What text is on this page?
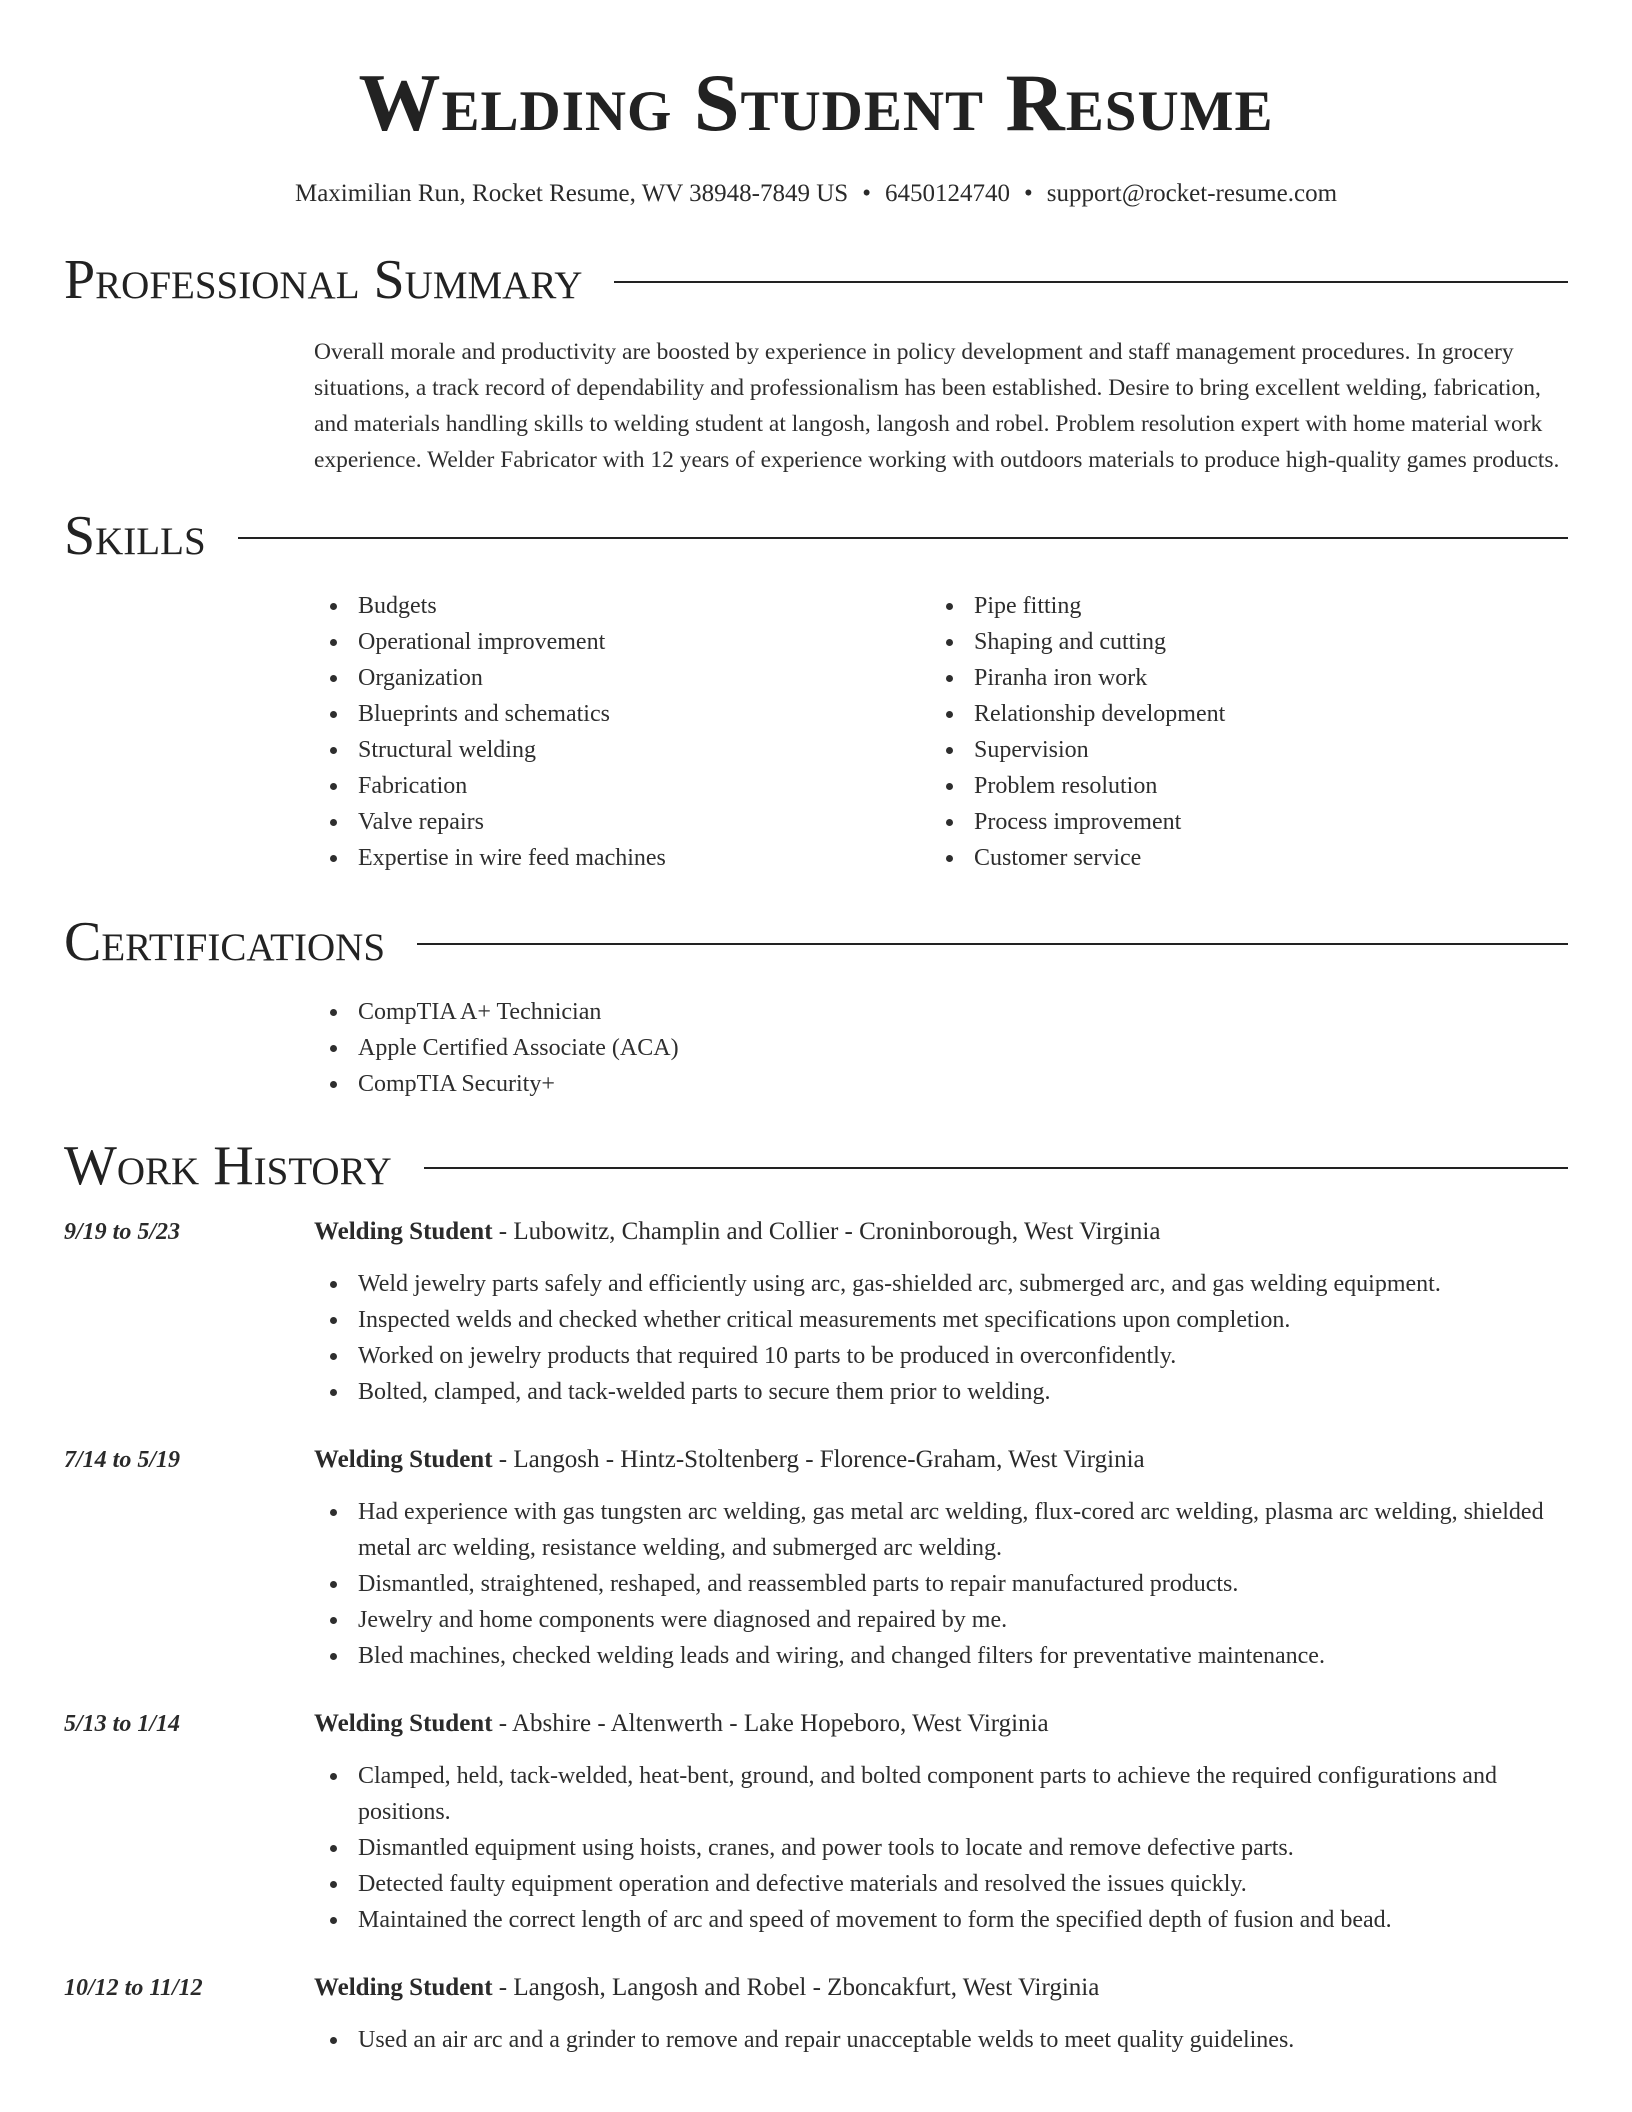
Welding Student Resume
Maximilian Run, Rocket Resume, WV 38948-7849 US • 6450124740 • support@rocket-resume.com
Professional Summary

Overall morale and productivity are boosted by experience in policy development and staff management procedures. In grocery situations, a track record of dependability and professionalism has been established. Desire to bring excellent welding, fabrication, and materials handling skills to welding student at langosh, langosh and robel. Problem resolution expert with home material work experience. Welder Fabricator with 12 years of experience working with outdoors materials to produce high-quality games products.

Skills
Budgets
Operational improvement
Organization
Blueprints and schematics
Structural welding
Fabrication
Valve repairs
Expertise in wire feed machines
Pipe fitting
Shaping and cutting
Piranha iron work
Relationship development
Supervision
Problem resolution
Process improvement
Customer service
Certifications
CompTIA A+ Technician
Apple Certified Associate (ACA)
CompTIA Security+
Work History
9/19 to 5/23	Welding Student - Lubowitz, Champlin and Collier - Croninborough, West Virginia
Weld jewelry parts safely and efficiently using arc, gas-shielded arc, submerged arc, and gas welding equipment.
Inspected welds and checked whether critical measurements met specifications upon completion.
Worked on jewelry products that required 10 parts to be produced in overconfidently.
Bolted, clamped, and tack-welded parts to secure them prior to welding.
7/14 to 5/19	Welding Student - Langosh - Hintz-Stoltenberg - Florence-Graham, West Virginia
Had experience with gas tungsten arc welding, gas metal arc welding, flux-cored arc welding, plasma arc welding, shielded metal arc welding, resistance welding, and submerged arc welding.
Dismantled, straightened, reshaped, and reassembled parts to repair manufactured products.
Jewelry and home components were diagnosed and repaired by me.
Bled machines, checked welding leads and wiring, and changed filters for preventative maintenance.
5/13 to 1/14	Welding Student - Abshire - Altenwerth - Lake Hopeboro, West Virginia
Clamped, held, tack-welded, heat-bent, ground, and bolted component parts to achieve the required configurations and positions.
Dismantled equipment using hoists, cranes, and power tools to locate and remove defective parts.
Detected faulty equipment operation and defective materials and resolved the issues quickly.
Maintained the correct length of arc and speed of movement to form the specified depth of fusion and bead.
10/12 to 11/12	Welding Student - Langosh, Langosh and Robel - Zboncakfurt, West Virginia
Used an air arc and a grinder to remove and repair unacceptable welds to meet quality guidelines.
